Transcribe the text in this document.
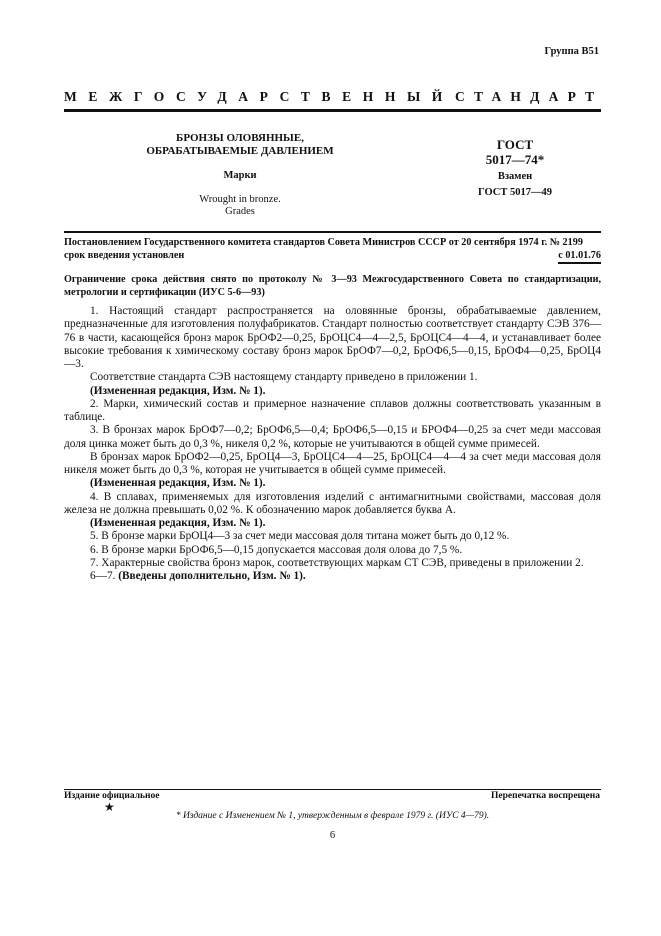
Группа В51
МЕЖГОСУДАРСТВЕННЫЙ СТАНДАРТ
БРОНЗЫ ОЛОВЯННЫЕ,
ОБРАБАТЫВАЕМЫЕ ДАВЛЕНИЕМ
Марки
Wrought in bronze.
Grades
ГОСТ
5017—74*
Взамен
ГОСТ 5017—49
Постановлением Государственного комитета стандартов Совета Министров СССР от 20 сентября 1974 г. № 2199
срок введения установлен	с 01.01.76
Ограничение срока действия снято по протоколу № 3—93 Межгосударственного Совета по стандартизации, метрологии и сертификации (ИУС 5-6—93)

1. Настоящий стандарт распространяется на оловянные бронзы, обрабатываемые давлением, предназначенные для изготовления полуфабрикатов. Стандарт полностью соответствует стандарту СЭВ 376—76 в части, касающейся бронз марок БрОФ2—0,25, БрОЦС4—4—2,5, БрОЦС4—4—4, и устанавливает более высокие требования к химическому составу бронз марок БрОФ7—0,2, БрОФ6,5—0,15, БрОФ4—0,25, БрОЦ4—3.

Соответствие стандарта СЭВ настоящему стандарту приведено в приложении 1.

(Измененная редакция, Изм. № 1).

2. Марки, химический состав и примерное назначение сплавов должны соответствовать указанным в таблице.

3. В бронзах марок БрОФ7—0,2; БрОФ6,5—0,4; БрОФ6,5—0,15 и БРОФ4—0,25 за счет меди массовая доля цинка может быть до 0,3 %, никеля 0,2 %, которые не учитываются в общей сумме примесей.

В бронзах марок БрОФ2—0,25, БрОЦ4—3, БрОЦС4—4—25, БрОЦС4—4—4 за счет меди массовая доля никеля может быть до 0,3 %, которая не учитывается в общей сумме примесей.

(Измененная редакция, Изм. № 1).

4. В сплавах, применяемых для изготовления изделий с антимагнитными свойствами, массовая доля железа не должна превышать 0,02 %. К обозначению марок добавляется буква А.

(Измененная редакция, Изм. № 1).

5. В бронзе марки БрОЦ4—3 за счет меди массовая доля титана может быть до 0,12 %.

6. В бронзе марки БрОФ6,5—0,15 допускается массовая доля олова до 7,5 %.

7. Характерные свойства бронз марок, соответствующих маркам СТ СЭВ, приведены в приложении 2.

6—7. (Введены дополнительно, Изм. № 1).

Издание официальное	Перепечатка воспрещена
★
* Издание с Изменением № 1, утвержденным в феврале 1979 г. (ИУС 4—79).
6
